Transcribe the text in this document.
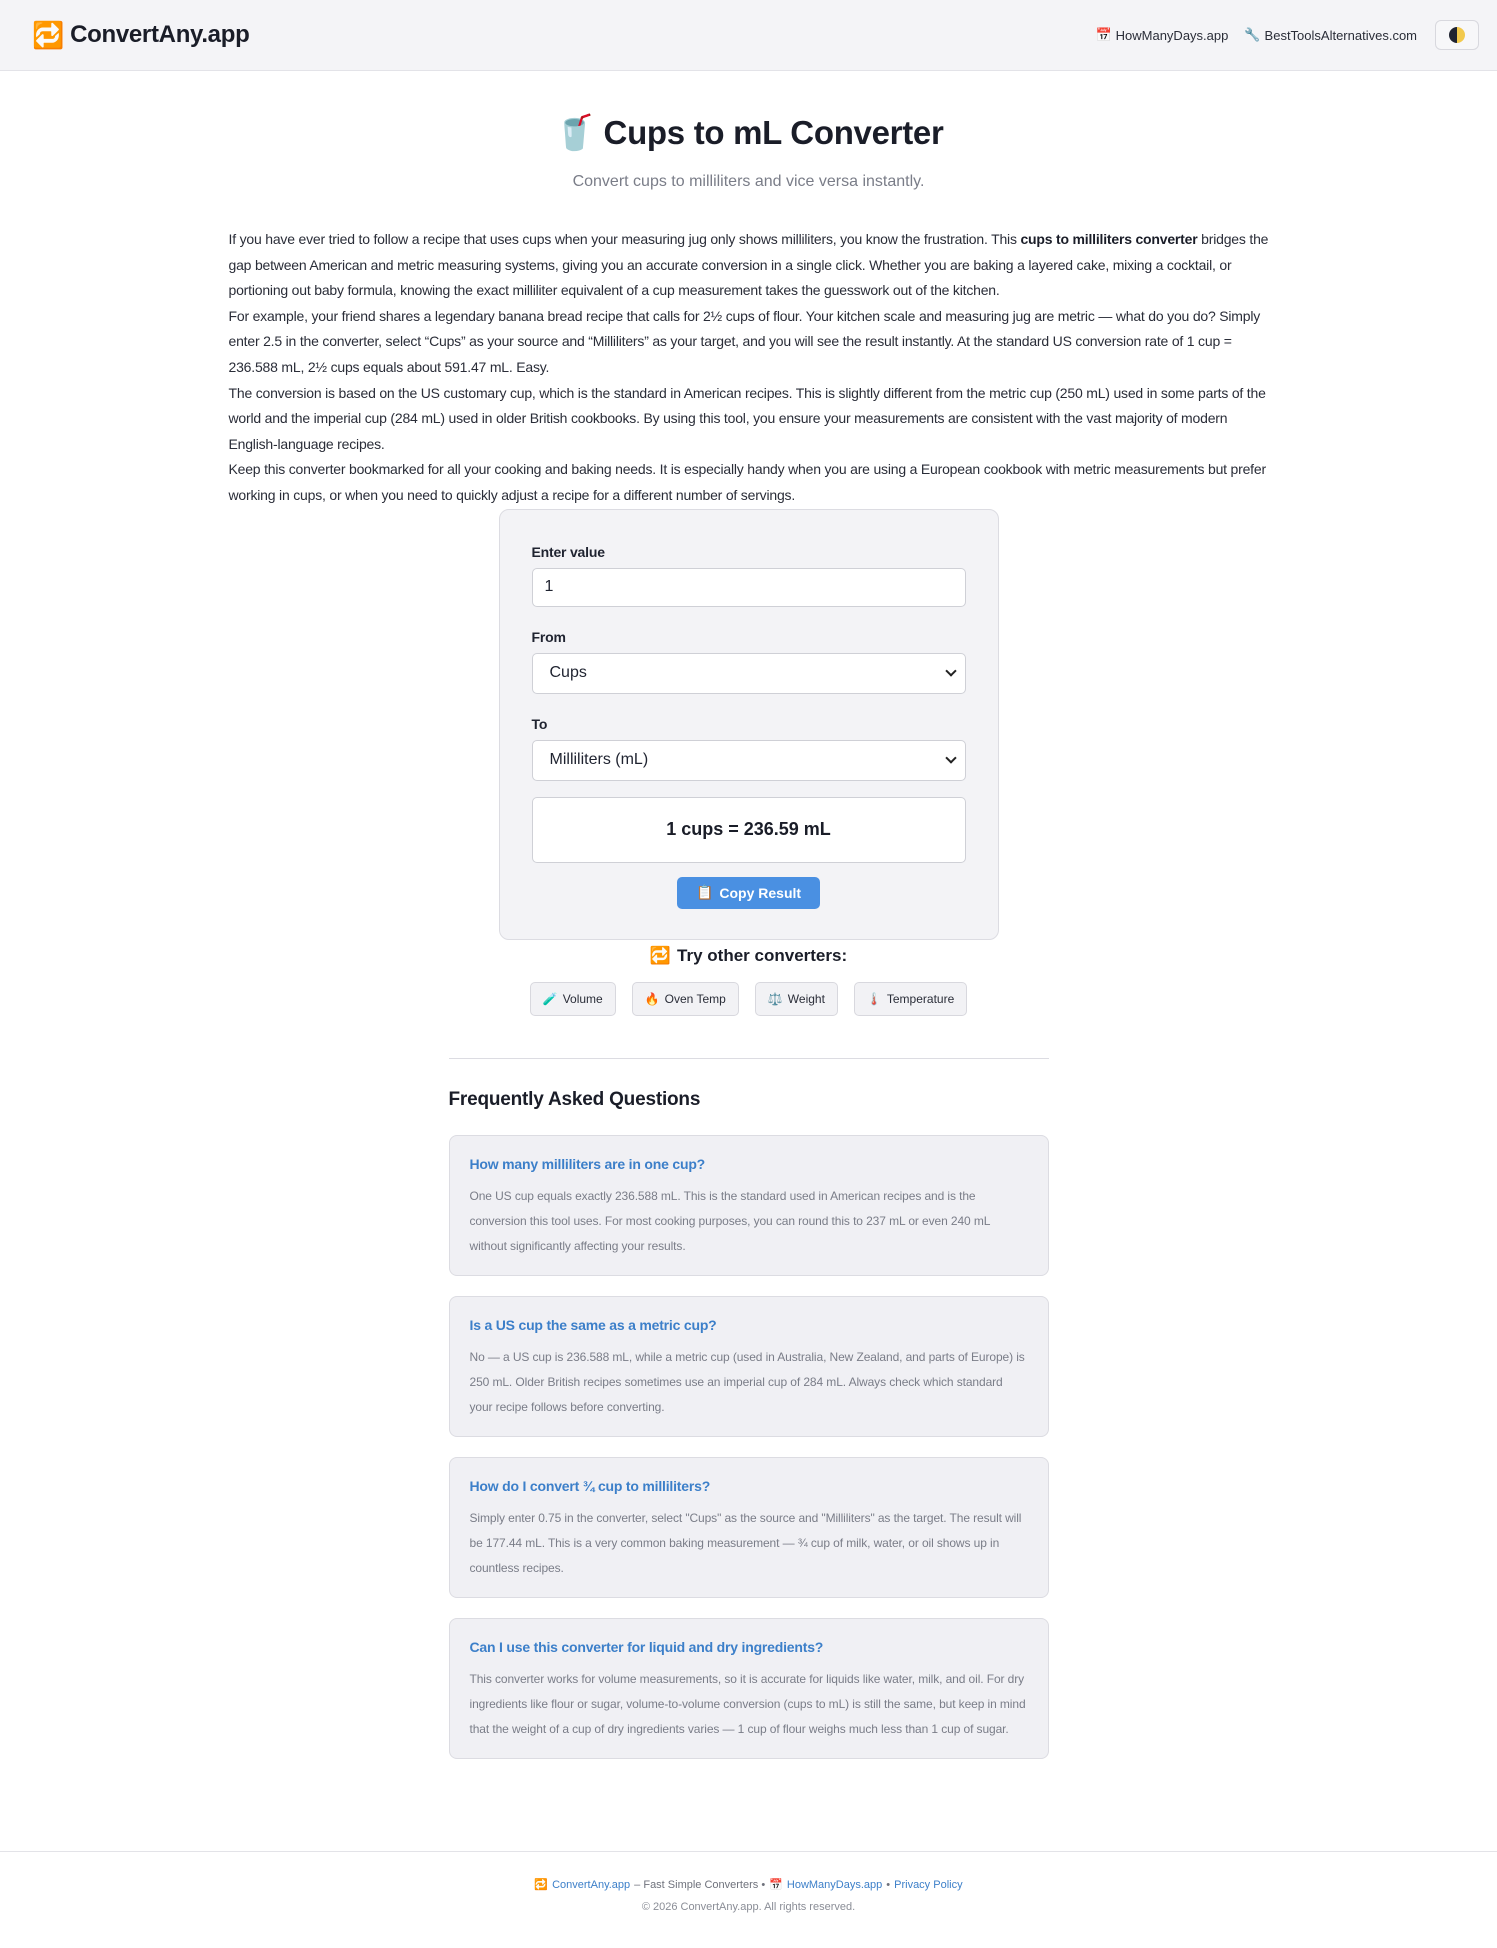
🔁 ConvertAny.app	📅 HowManyDays.app 🔧 BestToolsAlternatives.com
🥤 Cups to mL Converter

Convert cups to milliliters and vice versa instantly.

If you have ever tried to follow a recipe that uses cups when your measuring jug only shows milliliters, you know the frustration. This cups to milliliters converter bridges the gap between American and metric measuring systems, giving you an accurate conversion in a single click. Whether you are baking a layered cake, mixing a cocktail, or portioning out baby formula, knowing the exact milliliter equivalent of a cup measurement takes the guesswork out of the kitchen.

For example, your friend shares a legendary banana bread recipe that calls for 2½ cups of flour. Your kitchen scale and measuring jug are metric — what do you do? Simply enter 2.5 in the converter, select “Cups” as your source and “Milliliters” as your target, and you will see the result instantly. At the standard US conversion rate of 1 cup = 236.588 mL, 2½ cups equals about 591.47 mL. Easy.

The conversion is based on the US customary cup, which is the standard in American recipes. This is slightly different from the metric cup (250 mL) used in some parts of the world and the imperial cup (284 mL) used in older British cookbooks. By using this tool, you ensure your measurements are consistent with the vast majority of modern English-language recipes.

Keep this converter bookmarked for all your cooking and baking needs. It is especially handy when you are using a European cookbook with metric measurements but prefer working in cups, or when you need to quickly adjust a recipe for a different number of servings.

Enter value
1
From
Cups
To
Milliliters (mL)
1 cups = 236.59 mL
📋 Copy Result
🔁 Try other converters:
🧪 Volume	🔥 Oven Temp	⚖️ Weight	🌡️ Temperature
Frequently Asked Questions
How many milliliters are in one cup?
One US cup equals exactly 236.588 mL. This is the standard used in American recipes and is the conversion this tool uses. For most cooking purposes, you can round this to 237 mL or even 240 mL without significantly affecting your results.
Is a US cup the same as a metric cup?
No — a US cup is 236.588 mL, while a metric cup (used in Australia, New Zealand, and parts of Europe) is 250 mL. Older British recipes sometimes use an imperial cup of 284 mL. Always check which standard your recipe follows before converting.
How do I convert ¾ cup to milliliters?
Simply enter 0.75 in the converter, select "Cups" as the source and "Milliliters" as the target. The result will be 177.44 mL. This is a very common baking measurement — ¾ cup of milk, water, or oil shows up in countless recipes.
Can I use this converter for liquid and dry ingredients?
This converter works for volume measurements, so it is accurate for liquids like water, milk, and oil. For dry ingredients like flour or sugar, volume-to-volume conversion (cups to mL) is still the same, but keep in mind that the weight of a cup of dry ingredients varies — 1 cup of flour weighs much less than 1 cup of sugar.
🔁 ConvertAny.app – Fast Simple Converters • 📅 HowManyDays.app • Privacy Policy
© 2026 ConvertAny.app. All rights reserved.
